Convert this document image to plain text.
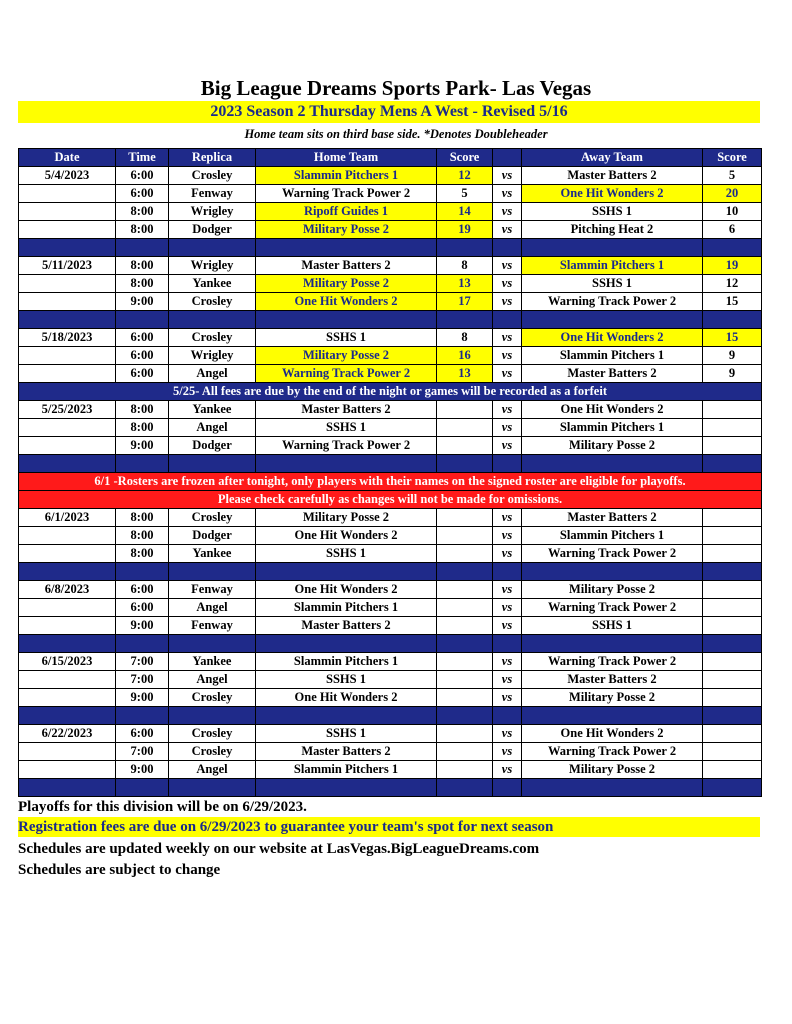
Big League Dreams Sports Park- Las Vegas
2023 Season 2 Thursday Mens A West - Revised 5/16
Home team sits on third base side. *Denotes Doubleheader
Date	Time	Replica	Home Team	Score		Away Team	Score
5/4/2023	6:00	Crosley	Slammin Pitchers 1	12	vs	Master Batters 2	5
	6:00	Fenway	Warning Track Power 2	5	vs	One Hit Wonders 2	20
	8:00	Wrigley	Ripoff Guides 1	14	vs	SSHS 1	10
	8:00	Dodger	Military Posse 2	19	vs	Pitching Heat 2	6

5/11/2023	8:00	Wrigley	Master Batters 2	8	vs	Slammin Pitchers 1	19
	8:00	Yankee	Military Posse 2	13	vs	SSHS 1	12
	9:00	Crosley	One Hit Wonders 2	17	vs	Warning Track Power 2	15

5/18/2023	6:00	Crosley	SSHS 1	8	vs	One Hit Wonders 2	15
	6:00	Wrigley	Military Posse 2	16	vs	Slammin Pitchers 1	9
	6:00	Angel	Warning Track Power 2	13	vs	Master Batters 2	9
5/25- All fees are due by the end of the night or games will be recorded as a forfeit							
5/25/2023	8:00	Yankee	Master Batters 2		vs	One Hit Wonders 2	
	8:00	Angel	SSHS 1		vs	Slammin Pitchers 1	
	9:00	Dodger	Warning Track Power 2		vs	Military Posse 2	

6/1 -Rosters are frozen after tonight, only players with their names on the signed roster are eligible for playoffs.							
Please check carefully as changes will not be made for omissions.							
6/1/2023	8:00	Crosley	Military Posse 2		vs	Master Batters 2	
	8:00	Dodger	One Hit Wonders 2		vs	Slammin Pitchers 1	
	8:00	Yankee	SSHS 1		vs	Warning Track Power 2	

6/8/2023	6:00	Fenway	One Hit Wonders 2		vs	Military Posse 2	
	6:00	Angel	Slammin Pitchers 1		vs	Warning Track Power 2	
	9:00	Fenway	Master Batters 2		vs	SSHS 1	

6/15/2023	7:00	Yankee	Slammin Pitchers 1		vs	Warning Track Power 2	
	7:00	Angel	SSHS 1		vs	Master Batters 2	
	9:00	Crosley	One Hit Wonders 2		vs	Military Posse 2	

6/22/2023	6:00	Crosley	SSHS 1		vs	One Hit Wonders 2	
	7:00	Crosley	Master Batters 2		vs	Warning Track Power 2	
	9:00	Angel	Slammin Pitchers 1		vs	Military Posse 2	

Playoffs for this division will be on 6/29/2023.
Registration fees are due on 6/29/2023 to guarantee your team's spot for next season
Schedules are updated weekly on our website at LasVegas.BigLeagueDreams.com
Schedules are subject to change
